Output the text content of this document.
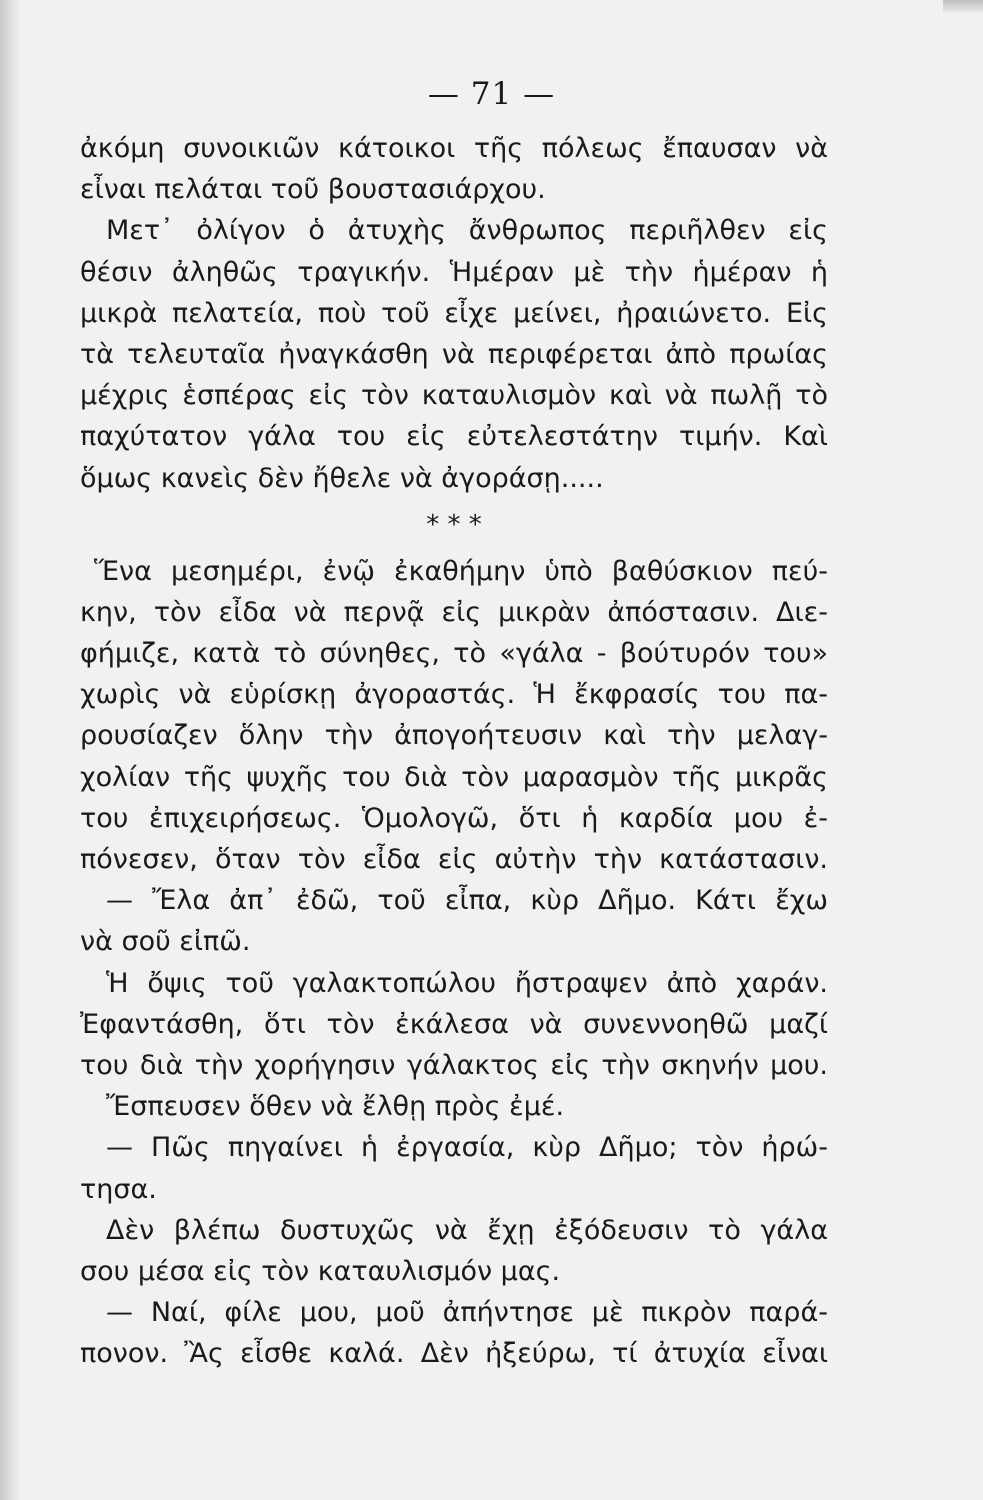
— 71 —
ἀκόμη συνοικιῶν κάτοικοι τῆς πόλεως ἔπαυσαν νὰ
εἶναι πελάται τοῦ βουστασιάρχου.
Μετ᾽ ὀλίγον ὁ ἀτυχὴς ἄνθρωπος περιῆλθεν εἰς
θέσιν ἀληθῶς τραγικήν. Ἡμέραν μὲ τὴν ἡμέραν ἡ
μικρὰ πελατεία, ποὺ τοῦ εἶχε μείνει, ἠραιώνετο. Εἰς
τὰ τελευταῖα ἠναγκάσθη νὰ περιφέρεται ἀπὸ πρωίας
μέχρις ἑσπέρας εἰς τὸν καταυλισμὸν καὶ νὰ πωλῇ τὸ
παχύτατον γάλα του εἰς εὐτελεστάτην τιμήν. Καὶ
ὅμως κανεὶς δὲν ἤθελε νὰ ἀγοράσῃ.....
* * *
Ἕνα μεσημέρι, ἐνῷ ἐκαθήμην ὑπὸ βαθύσκιον πεύ-
κην, τὸν εἶδα νὰ περνᾷ εἰς μικρὰν ἀπόστασιν. Διε-
φήμιζε, κατὰ τὸ σύνηθες, τὸ «γάλα - βούτυρόν του»
χωρὶς νὰ εὑρίσκῃ ἀγοραστάς. Ἡ ἔκφρασίς του πα-
ρουσίαζεν ὅλην τὴν ἀπογοήτευσιν καὶ τὴν μελαγ-
χολίαν τῆς ψυχῆς του διὰ τὸν μαρασμὸν τῆς μικρᾶς
του ἐπιχειρήσεως. Ὁμολογῶ, ὅτι ἡ καρδία μου ἐ-
πόνεσεν, ὅταν τὸν εἶδα εἰς αὐτὴν τὴν κατάστασιν.
— Ἔλα ἀπ᾽ ἐδῶ, τοῦ εἶπα, κὺρ Δῆμο. Κάτι ἔχω
νὰ σοῦ εἰπῶ.
Ἡ ὄψις τοῦ γαλακτοπώλου ἤστραψεν ἀπὸ χαράν.
Ἐφαντάσθη, ὅτι τὸν ἐκάλεσα νὰ συνεννοηθῶ μαζί
του διὰ τὴν χορήγησιν γάλακτος εἰς τὴν σκηνήν μου.
Ἔσπευσεν ὅθεν νὰ ἔλθῃ πρὸς ἐμέ.
— Πῶς πηγαίνει ἡ ἐργασία, κὺρ Δῆμο; τὸν ἠρώ-
τησα.
Δὲν βλέπω δυστυχῶς νὰ ἔχῃ ἐξόδευσιν τὸ γάλα
σου μέσα εἰς τὸν καταυλισμόν μας.
— Ναί, φίλε μου, μοῦ ἀπήντησε μὲ πικρὸν παρά-
πονον. Ἂς εἶσθε καλά. Δὲν ἠξεύρω, τί ἀτυχία εἶναι
